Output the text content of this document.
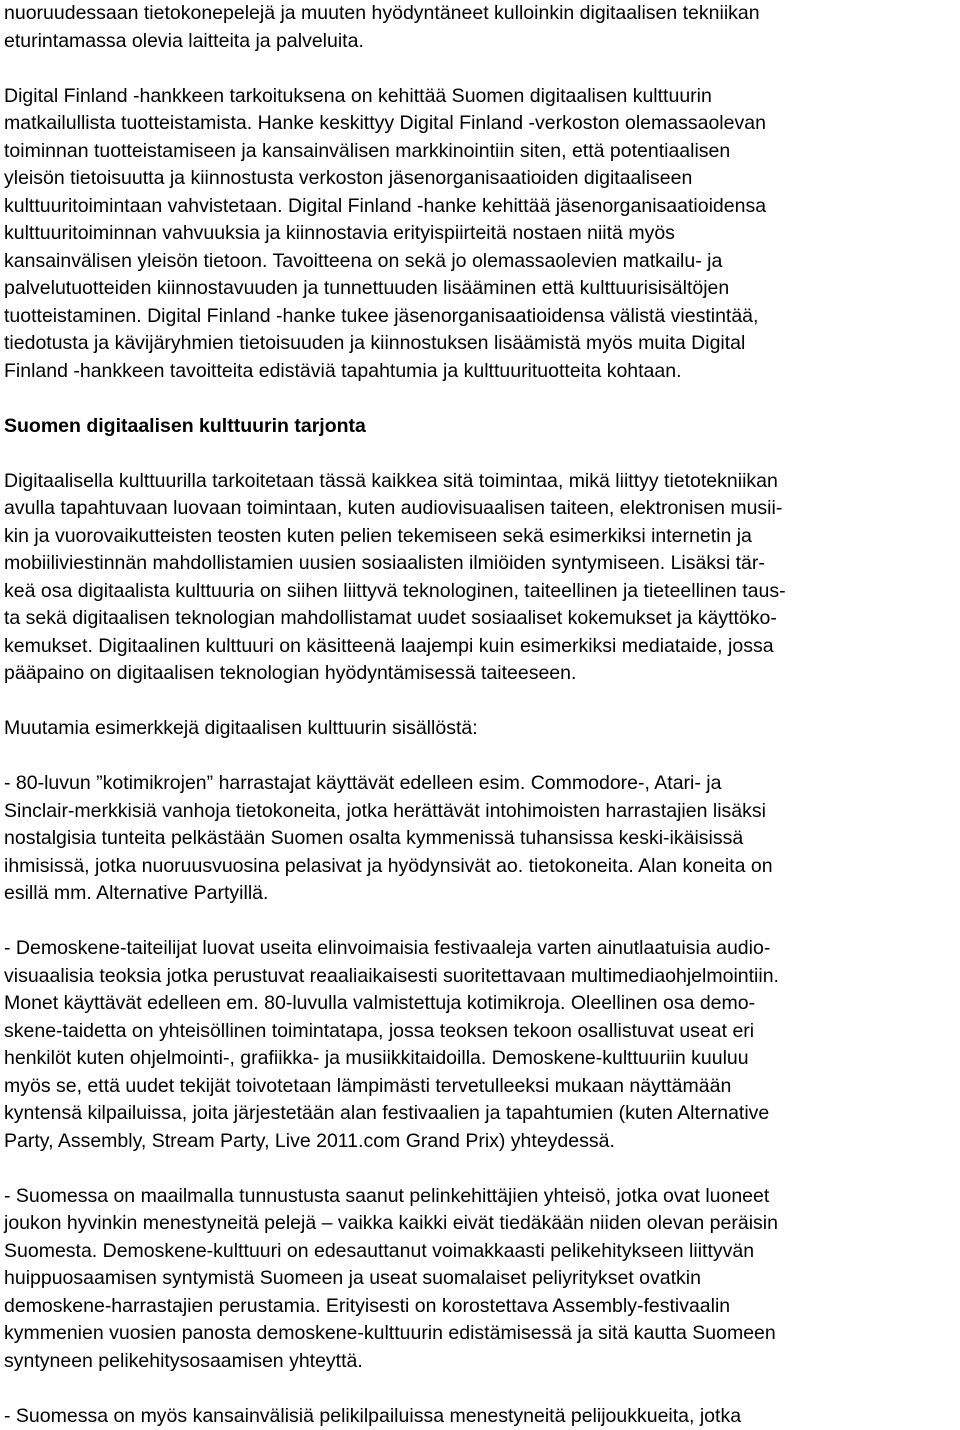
nuoruudessaan tietokonepelejä ja muuten hyödyntäneet kulloinkin digitaalisen tekniikan
eturintamassa olevia laitteita ja palveluita.
Digital Finland -hankkeen tarkoituksena on kehittää Suomen digitaalisen kulttuurin
matkailullista tuotteistamista. Hanke keskittyy Digital Finland -verkoston olemassaolevan
toiminnan tuotteistamiseen ja kansainvälisen markkinointiin siten, että potentiaalisen
yleisön tietoisuutta ja kiinnostusta verkoston jäsenorganisaatioiden digitaaliseen
kulttuuritoimintaan vahvistetaan. Digital Finland -hanke kehittää jäsenorganisaatioidensa
kulttuuritoiminnan vahvuuksia ja kiinnostavia erityispiirteitä nostaen niitä myös
kansainvälisen yleisön tietoon. Tavoitteena on sekä jo olemassaolevien matkailu- ja
palvelutuotteiden kiinnostavuuden ja tunnettuuden lisääminen että kulttuurisisältöjen
tuotteistaminen. Digital Finland -hanke tukee jäsenorganisaatioidensa välistä viestintää,
tiedotusta ja kävijäryhmien tietoisuuden ja kiinnostuksen lisäämistä myös muita Digital
Finland -hankkeen tavoitteita edistäviä tapahtumia ja kulttuurituotteita kohtaan.
Suomen digitaalisen kulttuurin tarjonta
Digitaalisella kulttuurilla tarkoitetaan tässä kaikkea sitä toimintaa, mikä liittyy tietotekniikan
avulla tapahtuvaan luovaan toimintaan, kuten audiovisuaalisen taiteen, elektronisen musii-
kin ja vuorovaikutteisten teosten kuten pelien tekemiseen sekä esimerkiksi internetin ja
mobiiliviestinnän mahdollistamien uusien sosiaalisten ilmiöiden syntymiseen. Lisäksi tär-
keä osa digitaalista kulttuuria on siihen liittyvä teknologinen, taiteellinen ja tieteellinen taus-
ta sekä digitaalisen teknologian mahdollistamat uudet sosiaaliset kokemukset ja käyttöko-
kemukset. Digitaalinen kulttuuri on käsitteenä laajempi kuin esimerkiksi mediataide, jossa
pääpaino on digitaalisen teknologian hyödyntämisessä taiteeseen.
Muutamia esimerkkejä digitaalisen kulttuurin sisällöstä:
- 80-luvun ”kotimikrojen” harrastajat käyttävät edelleen esim. Commodore-, Atari- ja
Sinclair-merkkisiä vanhoja tietokoneita, jotka herättävät intohimoisten harrastajien lisäksi
nostalgisia tunteita pelkästään Suomen osalta kymmenissä tuhansissa keski-ikäisissä
ihmisissä, jotka nuoruusvuosina pelasivat ja hyödynsivät ao. tietokoneita. Alan koneita on
esillä mm. Alternative Partyillä.
- Demoskene-taiteilijat luovat useita elinvoimaisia festivaaleja varten ainutlaatuisia audio-
visuaalisia teoksia jotka perustuvat reaaliaikaisesti suoritettavaan multimediaohjelmointiin.
Monet käyttävät edelleen em. 80-luvulla valmistettuja kotimikroja. Oleellinen osa demo-
skene-taidetta on yhteisöllinen toimintatapa, jossa teoksen tekoon osallistuvat useat eri
henkilöt kuten ohjelmointi-, grafiikka- ja musiikkitaidoilla. Demoskene-kulttuuriin kuuluu
myös se, että uudet tekijät toivotetaan lämpimästi tervetulleeksi mukaan näyttämään
kyntensä kilpailuissa, joita järjestetään alan festivaalien ja tapahtumien (kuten Alternative
Party, Assembly, Stream Party, Live 2011.com Grand Prix) yhteydessä.
- Suomessa on maailmalla tunnustusta saanut pelinkehittäjien yhteisö, jotka ovat luoneet
joukon hyvinkin menestyneitä pelejä – vaikka kaikki eivät tiedäkään niiden olevan peräisin
Suomesta. Demoskene-kulttuuri on edesauttanut voimakkaasti pelikehitykseen liittyvän
huippuosaamisen syntymistä Suomeen ja useat suomalaiset peliyritykset ovatkin
demoskene-harrastajien perustamia. Erityisesti on korostettava Assembly-festivaalin
kymmenien vuosien panosta demoskene-kulttuurin edistämisessä ja sitä kautta Suomeen
syntyneen pelikehitysosaamisen yhteyttä.
- Suomessa on myös kansainvälisiä pelikilpailuissa menestyneitä pelijoukkueita, jotka
